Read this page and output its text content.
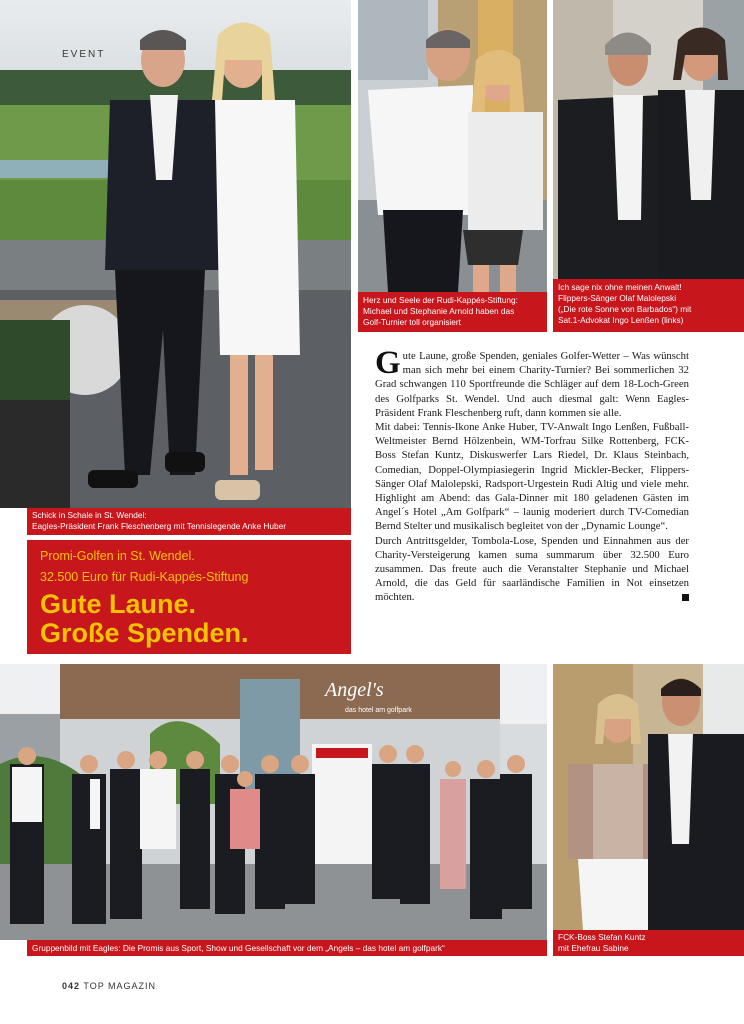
EVENT
Schick in Schale in St. Wendel:
Eagles-Präsident Frank Fleschenberg mit Tennislegende Anke Huber
Herz und Seele der Rudi-Kappés-Stiftung:
Michael und Stephanie Arnold haben das
Golf-Turnier toll organisiert
Ich sage nix ohne meinen Anwalt!
Flippers-Sänger Olaf Malolepski
(„Die rote Sonne von Barbados“) mit
Sat.1-Advokat Ingo Lenßen (links)
Promi-Golfen in St. Wendel.
32.500 Euro für Rudi-Kappés-Stiftung
Gute Laune.
Große Spenden.

Gute Laune, große Spenden, geniales Golfer-Wetter – Was wünscht man sich mehr bei einem Charity-Turnier? Bei sommerlichen 32 Grad schwangen 110 Sportfreunde die Schläger auf dem 18-Loch-Green des Golfparks St. Wendel. Und auch diesmal galt: Wenn Eagles-Präsident Frank Fleschenberg ruft, dann kommen sie alle.

Mit dabei: Tennis-Ikone Anke Huber, TV-Anwalt Ingo Lenßen, Fußball-Weltmeister Bernd Hölzenbein, WM-Torfrau Silke Rottenberg, FCK-Boss Stefan Kuntz, Diskuswerfer Lars Riedel, Dr. Klaus Steinbach, Comedian, Doppel-Olympiasiegerin Ingrid Mickler-Becker, Flippers-Sänger Olaf Malolepski, Radsport-Urgestein Rudi Altig und viele mehr. Highlight am Abend: das Gala-Dinner mit 180 geladenen Gästen im Angel´s Hotel „Am Golfpark“ – launig moderiert durch TV-Comedian Bernd Stelter und musikalisch begleitet von der „Dynamic Lounge“.

Durch Antrittsgelder, Tombola-Lose, Spenden und Einnahmen aus der Charity-Versteigerung kamen suma summarum über 32.500 Euro zusammen. Das freute auch die Veranstalter Stephanie und Michael Arnold, die das Geld für saarländische Familien in Not einsetzen möchten.

Angel's
das hotel am golfpark
Gruppenbild mit Eagles: Die Promis aus Sport, Show und Gesellschaft vor dem „Angels – das hotel am golfpark“
FCK-Boss Stefan Kuntz
mit Ehefrau Sabine
042 TOP MAGAZIN
